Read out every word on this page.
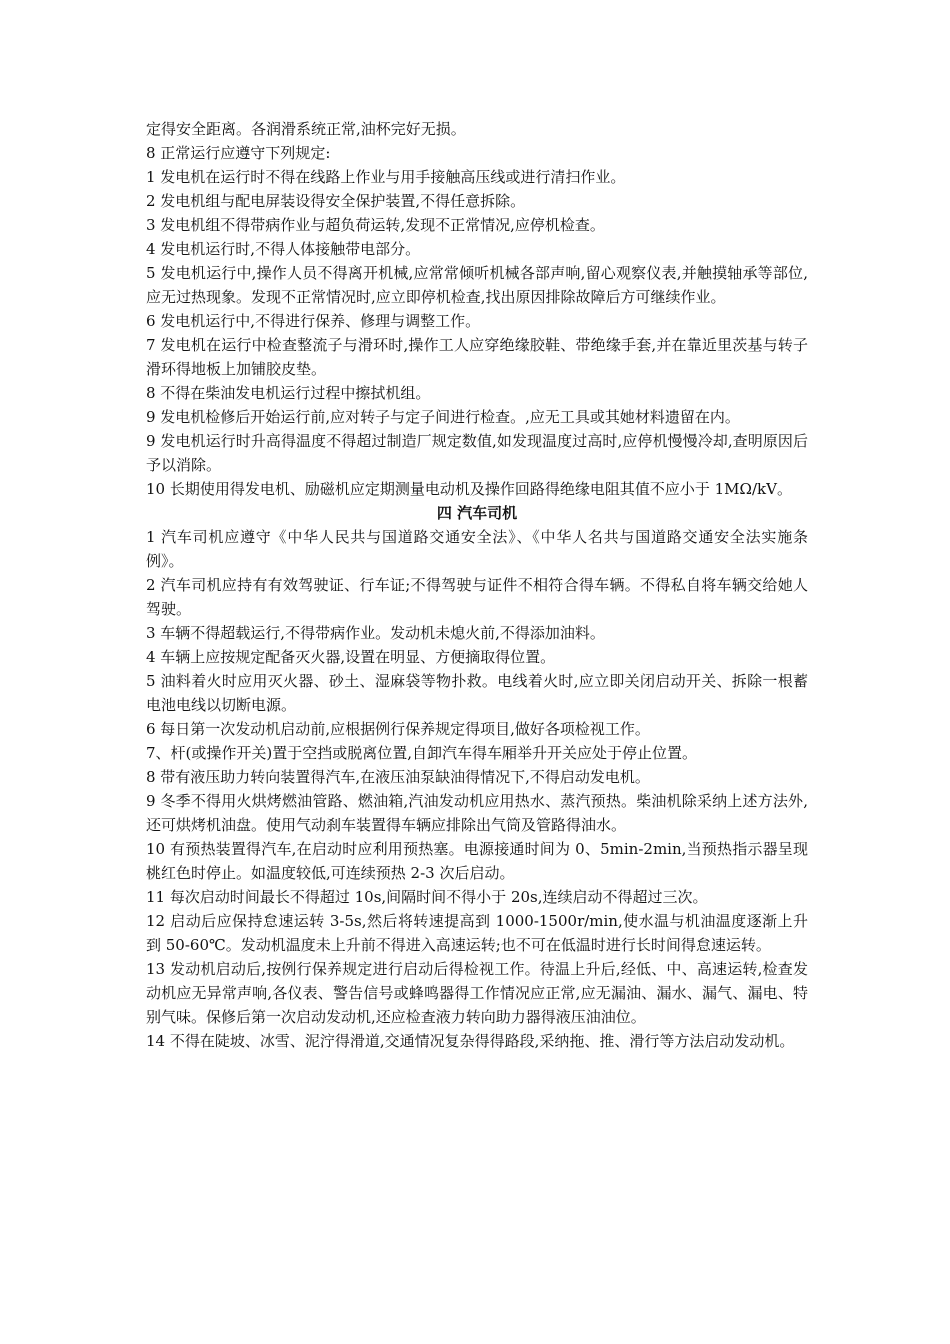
定得安全距离。各润滑系统正常,油杯完好无损。

8 正常运行应遵守下列规定:

1 发电机在运行时不得在线路上作业与用手接触高压线或进行清扫作业。

2 发电机组与配电屏装设得安全保护装置,不得任意拆除。

3 发电机组不得带病作业与超负荷运转,发现不正常情况,应停机检查。

4 发电机运行时,不得人体接触带电部分。

5 发电机运行中,操作人员不得离开机械,应常常倾听机械各部声响,留心观察仪表,并触摸轴承等部位,应无过热现象。发现不正常情况时,应立即停机检查,找出原因排除故障后方可继续作业。

6 发电机运行中,不得进行保养、修理与调整工作。

7 发电机在运行中检查整流子与滑环时,操作工人应穿绝缘胶鞋、带绝缘手套,并在靠近里茨基与转子滑环得地板上加铺胶皮垫。

8 不得在柴油发电机运行过程中擦拭机组。

9 发电机检修后开始运行前,应对转子与定子间进行检查。,应无工具或其她材料遗留在内。

9 发电机运行时升高得温度不得超过制造厂规定数值,如发现温度过高时,应停机慢慢冷却,查明原因后予以消除。

10 长期使用得发电机、励磁机应定期测量电动机及操作回路得绝缘电阻其值不应小于 1MΩ/kV。

四 汽车司机

1 汽车司机应遵守《中华人民共与国道路交通安全法》、《中华人名共与国道路交通安全法实施条例》。

2 汽车司机应持有有效驾驶证、行车证;不得驾驶与证件不相符合得车辆。不得私自将车辆交给她人驾驶。

3 车辆不得超载运行,不得带病作业。发动机未熄火前,不得添加油料。

4 车辆上应按规定配备灭火器,设置在明显、方便摘取得位置。

5 油料着火时应用灭火器、砂土、湿麻袋等物扑救。电线着火时,应立即关闭启动开关、拆除一根蓄电池电线以切断电源。

6 每日第一次发动机启动前,应根据例行保养规定得项目,做好各项检视工作。

7、杆(或操作开关)置于空挡或脱离位置,自卸汽车得车厢举升开关应处于停止位置。

8 带有液压助力转向装置得汽车,在液压油泵缺油得情况下,不得启动发电机。

9 冬季不得用火烘烤燃油管路、燃油箱,汽油发动机应用热水、蒸汽预热。柴油机除采纳上述方法外,还可烘烤机油盘。使用气动刹车装置得车辆应排除出气筒及管路得油水。

10 有预热装置得汽车,在启动时应利用预热塞。电源接通时间为 0、5min-2min,当预热指示器呈现桃红色时停止。如温度较低,可连续预热 2-3 次后启动。

11 每次启动时间最长不得超过 10s,间隔时间不得小于 20s,连续启动不得超过三次。

12 启动后应保持怠速运转 3-5s,然后将转速提高到 1000-1500r/min,使水温与机油温度逐渐上升到 50-60℃。发动机温度未上升前不得进入高速运转;也不可在低温时进行长时间得怠速运转。

13 发动机启动后,按例行保养规定进行启动后得检视工作。待温上升后,经低、中、高速运转,检查发动机应无异常声响,各仪表、警告信号或蜂鸣器得工作情况应正常,应无漏油、漏水、漏气、漏电、特别气味。保修后第一次启动发动机,还应检查液力转向助力器得液压油油位。

14 不得在陡坡、冰雪、泥泞得滑道,交通情况复杂得得路段,采纳拖、推、滑行等方法启动发动机。
